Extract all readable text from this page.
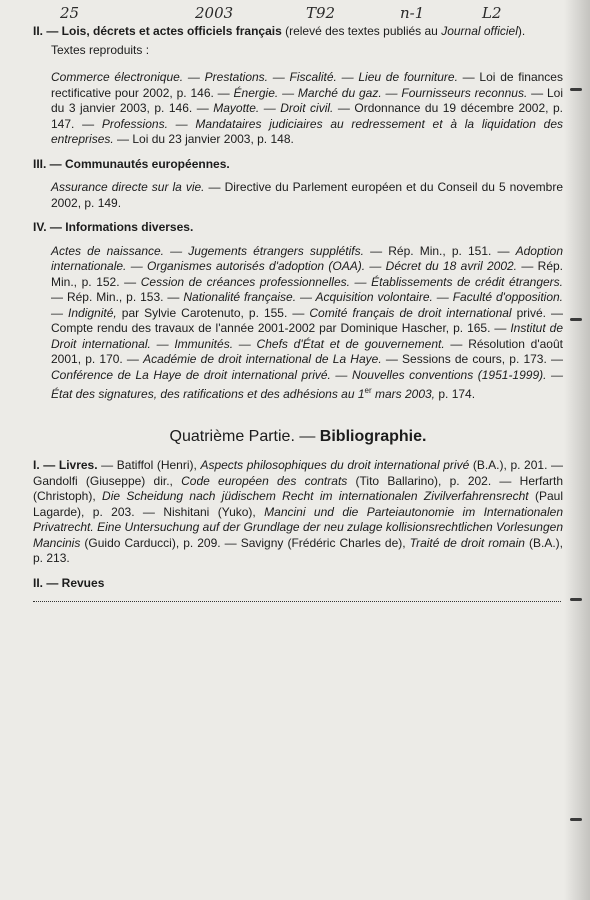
25	2003	T92	n-1	L2

II. — Lois, décrets et actes officiels français (relevé des textes publiés au Journal officiel).

Textes reproduits :

Commerce électronique. — Prestations. — Fiscalité. — Lieu de fourniture. — Loi de finances rectificative pour 2002, p. 146. — Énergie. — Marché du gaz. — Fournisseurs reconnus. — Loi du 3 janvier 2003, p. 146. — Mayotte. — Droit civil. — Ordonnance du 19 décembre 2002, p. 147. — Professions. — Mandataires judiciaires au redressement et à la liquidation des entreprises. — Loi du 23 janvier 2003, p. 148.

III. — Communautés européennes.

Assurance directe sur la vie. — Directive du Parlement européen et du Conseil du 5 novembre 2002, p. 149.

IV. — Informations diverses.

Actes de naissance. — Jugements étrangers supplétifs. — Rép. Min., p. 151. — Adoption internationale. — Organismes autorisés d'adoption (OAA). — Décret du 18 avril 2002. — Rép. Min., p. 152. — Cession de créances professionnelles. — Établissements de crédit étrangers. — Rép. Min., p. 153. — Nationalité française. — Acquisition volontaire. — Faculté d'opposition. — Indignité, par Sylvie Carotenuto, p. 155. — Comité français de droit international privé. — Compte rendu des travaux de l'année 2001-2002 par Dominique Hascher, p. 165. — Institut de Droit international. — Immunités. — Chefs d'État et de gouvernement. — Résolution d'août 2001, p. 170. — Académie de droit international de La Haye. — Sessions de cours, p. 173. — Conférence de La Haye de droit international privé. — Nouvelles conventions (1951-1999). — État des signatures, des ratifications et des adhésions au 1er mars 2003, p. 174.

Quatrième Partie. — Bibliographie.

I. — Livres. — Batiffol (Henri), Aspects philosophiques du droit international privé (B.A.), p. 201. — Gandolfi (Giuseppe) dir., Code européen des contrats (Tito Ballarino), p. 202. — Herfarth (Christoph), Die Scheidung nach jüdischem Recht im internationalen Zivilverfahrensrecht (Paul Lagarde), p. 203. — Nishitani (Yuko), Mancini und die Parteiautonomie im Internationalen Privatrecht. Eine Untersuchung auf der Grundlage der neu zulage kollisionsrechtlichen Vorlesungen Mancinis (Guido Carducci), p. 209. — Savigny (Frédéric Charles de), Traité de droit romain (B.A.), p. 213.

II. — Revues
